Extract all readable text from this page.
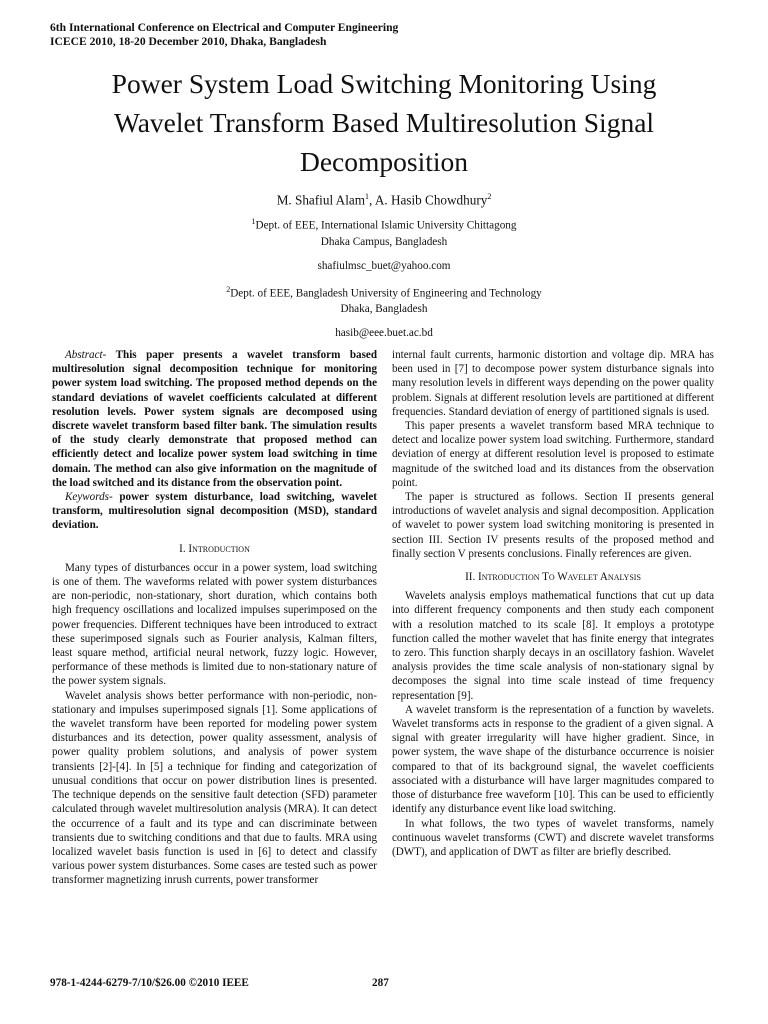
6th International Conference on Electrical and Computer Engineering
ICECE 2010, 18-20 December 2010, Dhaka, Bangladesh
Power System Load Switching Monitoring Using
Wavelet Transform Based Multiresolution Signal
Decomposition
M. Shafiul Alam$^1$, A. Hasib Chowdhury$^2$
$^1$Dept. of EEE, International Islamic University Chittagong
Dhaka Campus, Bangladesh
shafiulmsc_buet@yahoo.com
$^2$Dept. of EEE, Bangladesh University of Engineering and Technology
Dhaka, Bangladesh
hasib@eee.buet.ac.bd

Abstract- This paper presents a wavelet transform based multiresolution signal decomposition technique for monitoring power system load switching. The proposed method depends on the standard deviations of wavelet coefficients calculated at different resolution levels. Power system signals are decomposed using discrete wavelet transform based filter bank. The simulation results of the study clearly demonstrate that proposed method can efficiently detect and localize power system load switching in time domain. The method can also give information on the magnitude of the load switched and its distance from the observation point.

Keywords- power system disturbance, load switching, wavelet transform, multiresolution signal decomposition (MSD), standard deviation.

I. Introduction

Many types of disturbances occur in a power system, load switching is one of them. The waveforms related with power system disturbances are non-periodic, non-stationary, short duration, which contains both high frequency oscillations and localized impulses superimposed on the power frequencies. Different techniques have been introduced to extract these superimposed signals such as Fourier analysis, Kalman filters, least square method, artificial neural network, fuzzy logic. However, performance of these methods is limited due to non-stationary nature of the power system signals.

Wavelet analysis shows better performance with non-periodic, non-stationary and impulses superimposed signals [1]. Some applications of the wavelet transform have been reported for modeling power system disturbances and its detection, power quality assessment, analysis of power quality problem solutions, and analysis of power system transients [2]-[4]. In [5] a technique for finding and categorization of unusual conditions that occur on power distribution lines is presented. The technique depends on the sensitive fault detection (SFD) parameter calculated through wavelet multiresolution analysis (MRA). It can detect the occurrence of a fault and its type and can discriminate between transients due to switching conditions and that due to faults. MRA using localized wavelet basis function is used in [6] to detect and classify various power system disturbances. Some cases are tested such as power transformer magnetizing inrush currents, power transformer

internal fault currents, harmonic distortion and voltage dip. MRA has been used in [7] to decompose power system disturbance signals into many resolution levels in different ways depending on the power quality problem. Signals at different resolution levels are partitioned at different frequencies. Standard deviation of energy of partitioned signals is used.

This paper presents a wavelet transform based MRA technique to detect and localize power system load switching. Furthermore, standard deviation of energy at different resolution level is proposed to estimate magnitude of the switched load and its distances from the observation point.

The paper is structured as follows. Section II presents general introductions of wavelet analysis and signal decomposition. Application of wavelet to power system load switching monitoring is presented in section III. Section IV presents results of the proposed method and finally section V presents conclusions. Finally references are given.

II. Introduction To Wavelet Analysis

Wavelets analysis employs mathematical functions that cut up data into different frequency components and then study each component with a resolution matched to its scale [8]. It employs a prototype function called the mother wavelet that has finite energy that integrates to zero. This function sharply decays in an oscillatory fashion. Wavelet analysis provides the time scale analysis of non-stationary signal by decomposes the signal into time scale instead of time frequency representation [9].

A wavelet transform is the representation of a function by wavelets. Wavelet transforms acts in response to the gradient of a given signal. A signal with greater irregularity will have higher gradient. Since, in power system, the wave shape of the disturbance occurrence is noisier compared to that of its background signal, the wavelet coefficients associated with a disturbance will have larger magnitudes compared to those of disturbance free waveform [10]. This can be used to efficiently identify any disturbance event like load switching.

In what follows, the two types of wavelet transforms, namely continuous wavelet transforms (CWT) and discrete wavelet transforms (DWT), and application of DWT as filter are briefly described.

978-1-4244-6279-7/10/$26.00 ©2010 IEEE	287
